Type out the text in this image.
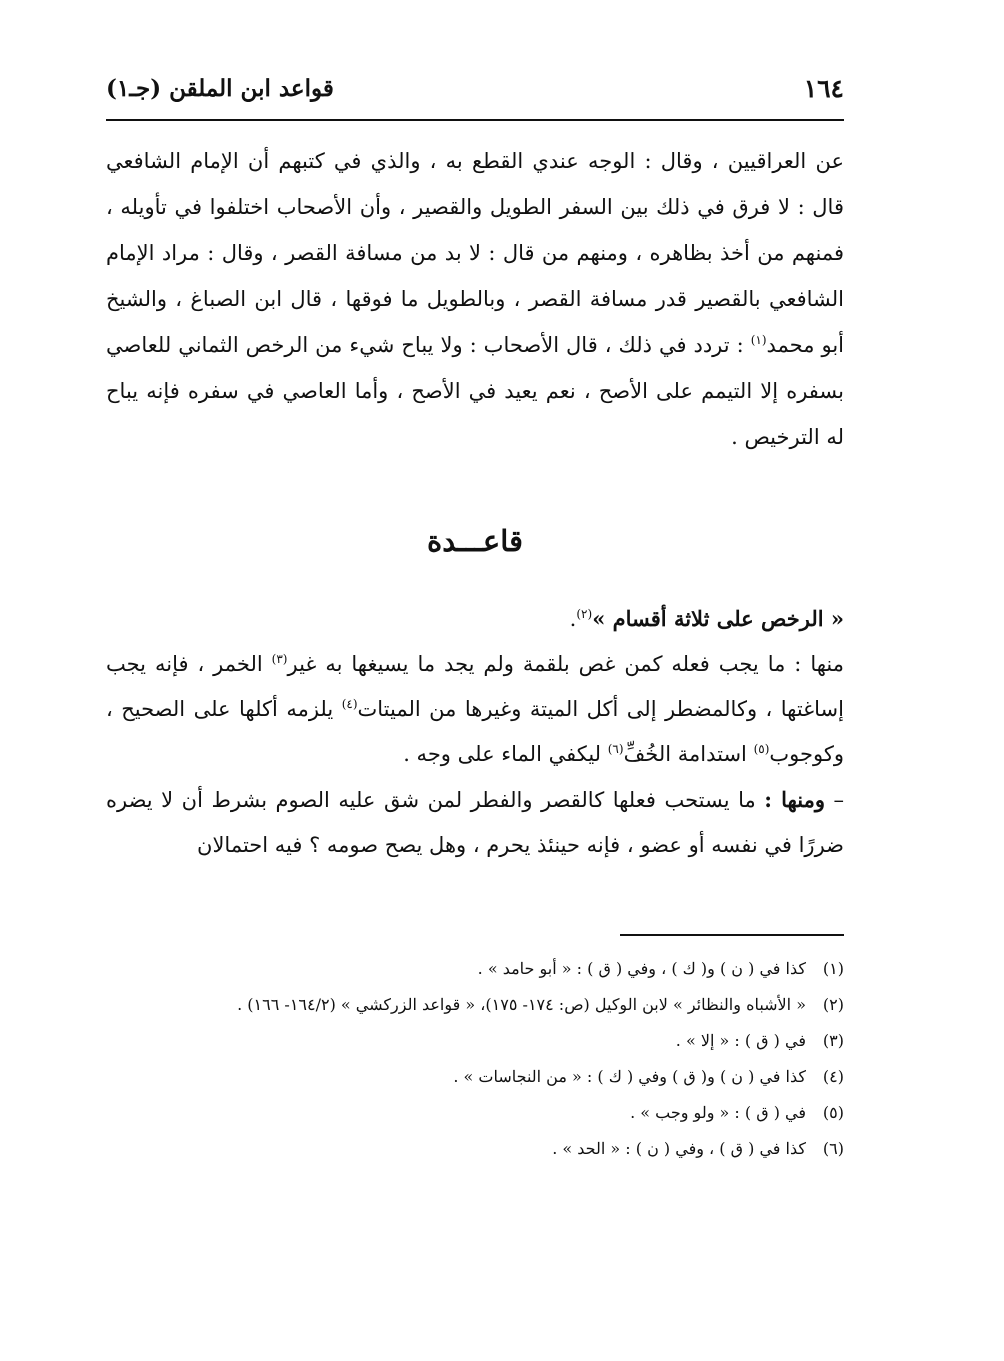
١٦٤
قواعد ابن الملقن (جـ١)

عن العراقيين ، وقال : الوجه عندي القطع به ، والذي في كتبهم أن الإمام الشافعي قال : لا فرق في ذلك بين السفر الطويل والقصير ، وأن الأصحاب اختلفوا في تأويله ، فمنهم من أخذ بظاهره ، ومنهم من قال : لا بد من مسافة القصر ، وقال : مراد الإمام الشافعي بالقصير قدر مسافة القصر ، وبالطويل ما فوقها ، قال ابن الصباغ ، والشيخ أبو محمد$^{(١)}$ : تردد في ذلك ، قال الأصحاب : ولا يباح شيء من الرخص الثماني للعاصي بسفره إلا التيمم على الأصح ، نعم يعيد في الأصح ، وأما العاصي في سفره فإنه يباح له الترخيص .

قاعـــدة

« الرخص على ثلاثة أقسام »$^{(٢)}$.

منها : ما يجب فعله كمن غص بلقمة ولم يجد ما يسيغها به غير$^{(٣)}$ الخمر ، فإنه يجب إساغتها ، وكالمضطر إلى أكل الميتة وغيرها من الميتات$^{(٤)}$ يلزمه أكلها على الصحيح ، وكوجوب$^{(٥)}$ استدامة الخُفِّ$^{(٦)}$ ليكفي الماء على وجه .

– ومنها : ما يستحب فعلها كالقصر والفطر لمن شق عليه الصوم بشرط أن لا يضره ضررًا في نفسه أو عضو ، فإنه حينئذ يحرم ، وهل يصح صومه ؟ فيه احتمالان

(١)
كذا في ( ن ) و( ك ) ، وفي ( ق ) : « أبو حامد » .

(٢)
« الأشباه والنظائر » لابن الوكيل (ص: ١٧٤- ١٧٥)، « قواعد الزركشي » (١٦٤/٢- ١٦٦) .

(٣)
في ( ق ) : « إلا » .

(٤)
كذا في ( ن ) و( ق ) وفي ( ك ) : « من النجاسات » .

(٥)
في ( ق ) : « ولو وجب » .

(٦)
كذا في ( ق ) ، وفي ( ن ) : « الحد » .
